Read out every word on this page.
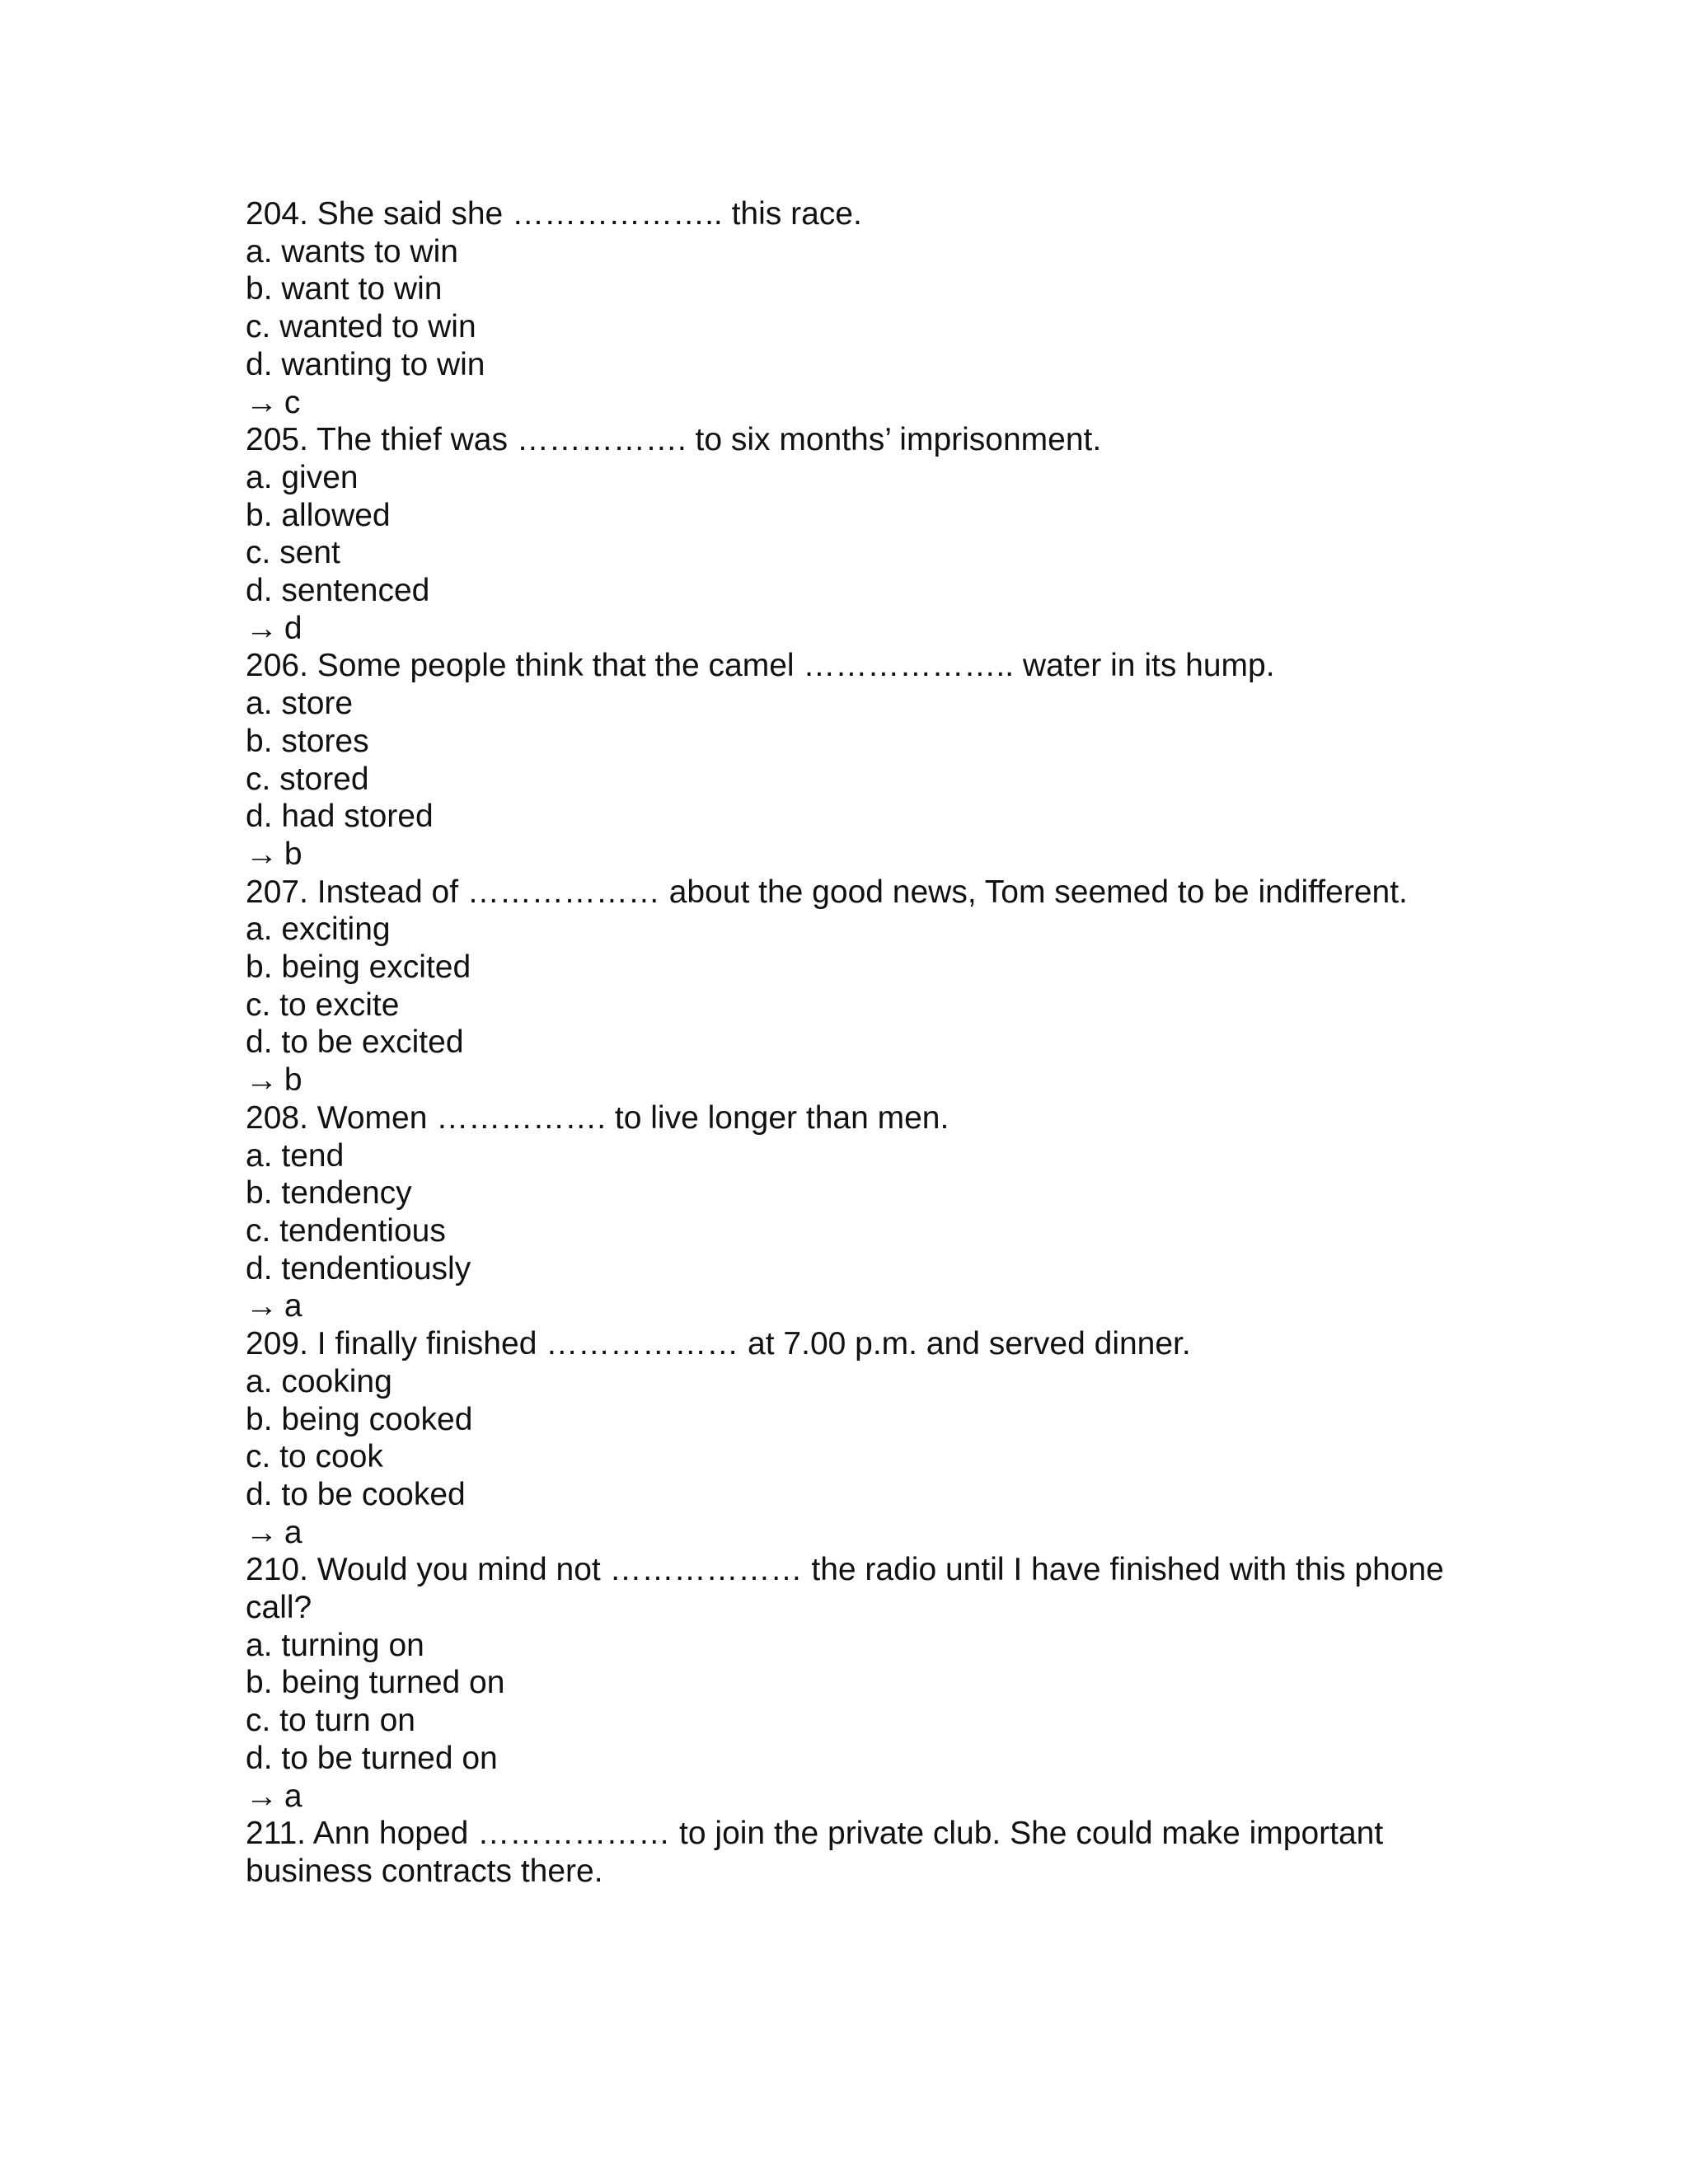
204. She said she ……………….. this race.

a. wants to win

b. want to win

c. wanted to win

d. wanting to win

→ c

205. The thief was ……………. to six months’ imprisonment.

a. given

b. allowed

c. sent

d. sentenced

→ d

206. Some people think that the camel ……………….. water in its hump.

a. store

b. stores

c. stored

d. had stored

→ b

207. Instead of ……………… about the good news, Tom seemed to be indifferent.

a. exciting

b. being excited

c. to excite

d. to be excited

→ b

208. Women ……………. to live longer than men.

a. tend

b. tendency

c. tendentious

d. tendentiously

→ a

209. I finally finished ……………… at 7.00 p.m. and served dinner.

a. cooking

b. being cooked

c. to cook

d. to be cooked

→ a

210. Would you mind not ……………… the radio until I have finished with this phone call?

a. turning on

b. being turned on

c. to turn on

d. to be turned on

→ a

211. Ann hoped ……………… to join the private club. She could make important business contracts there.
